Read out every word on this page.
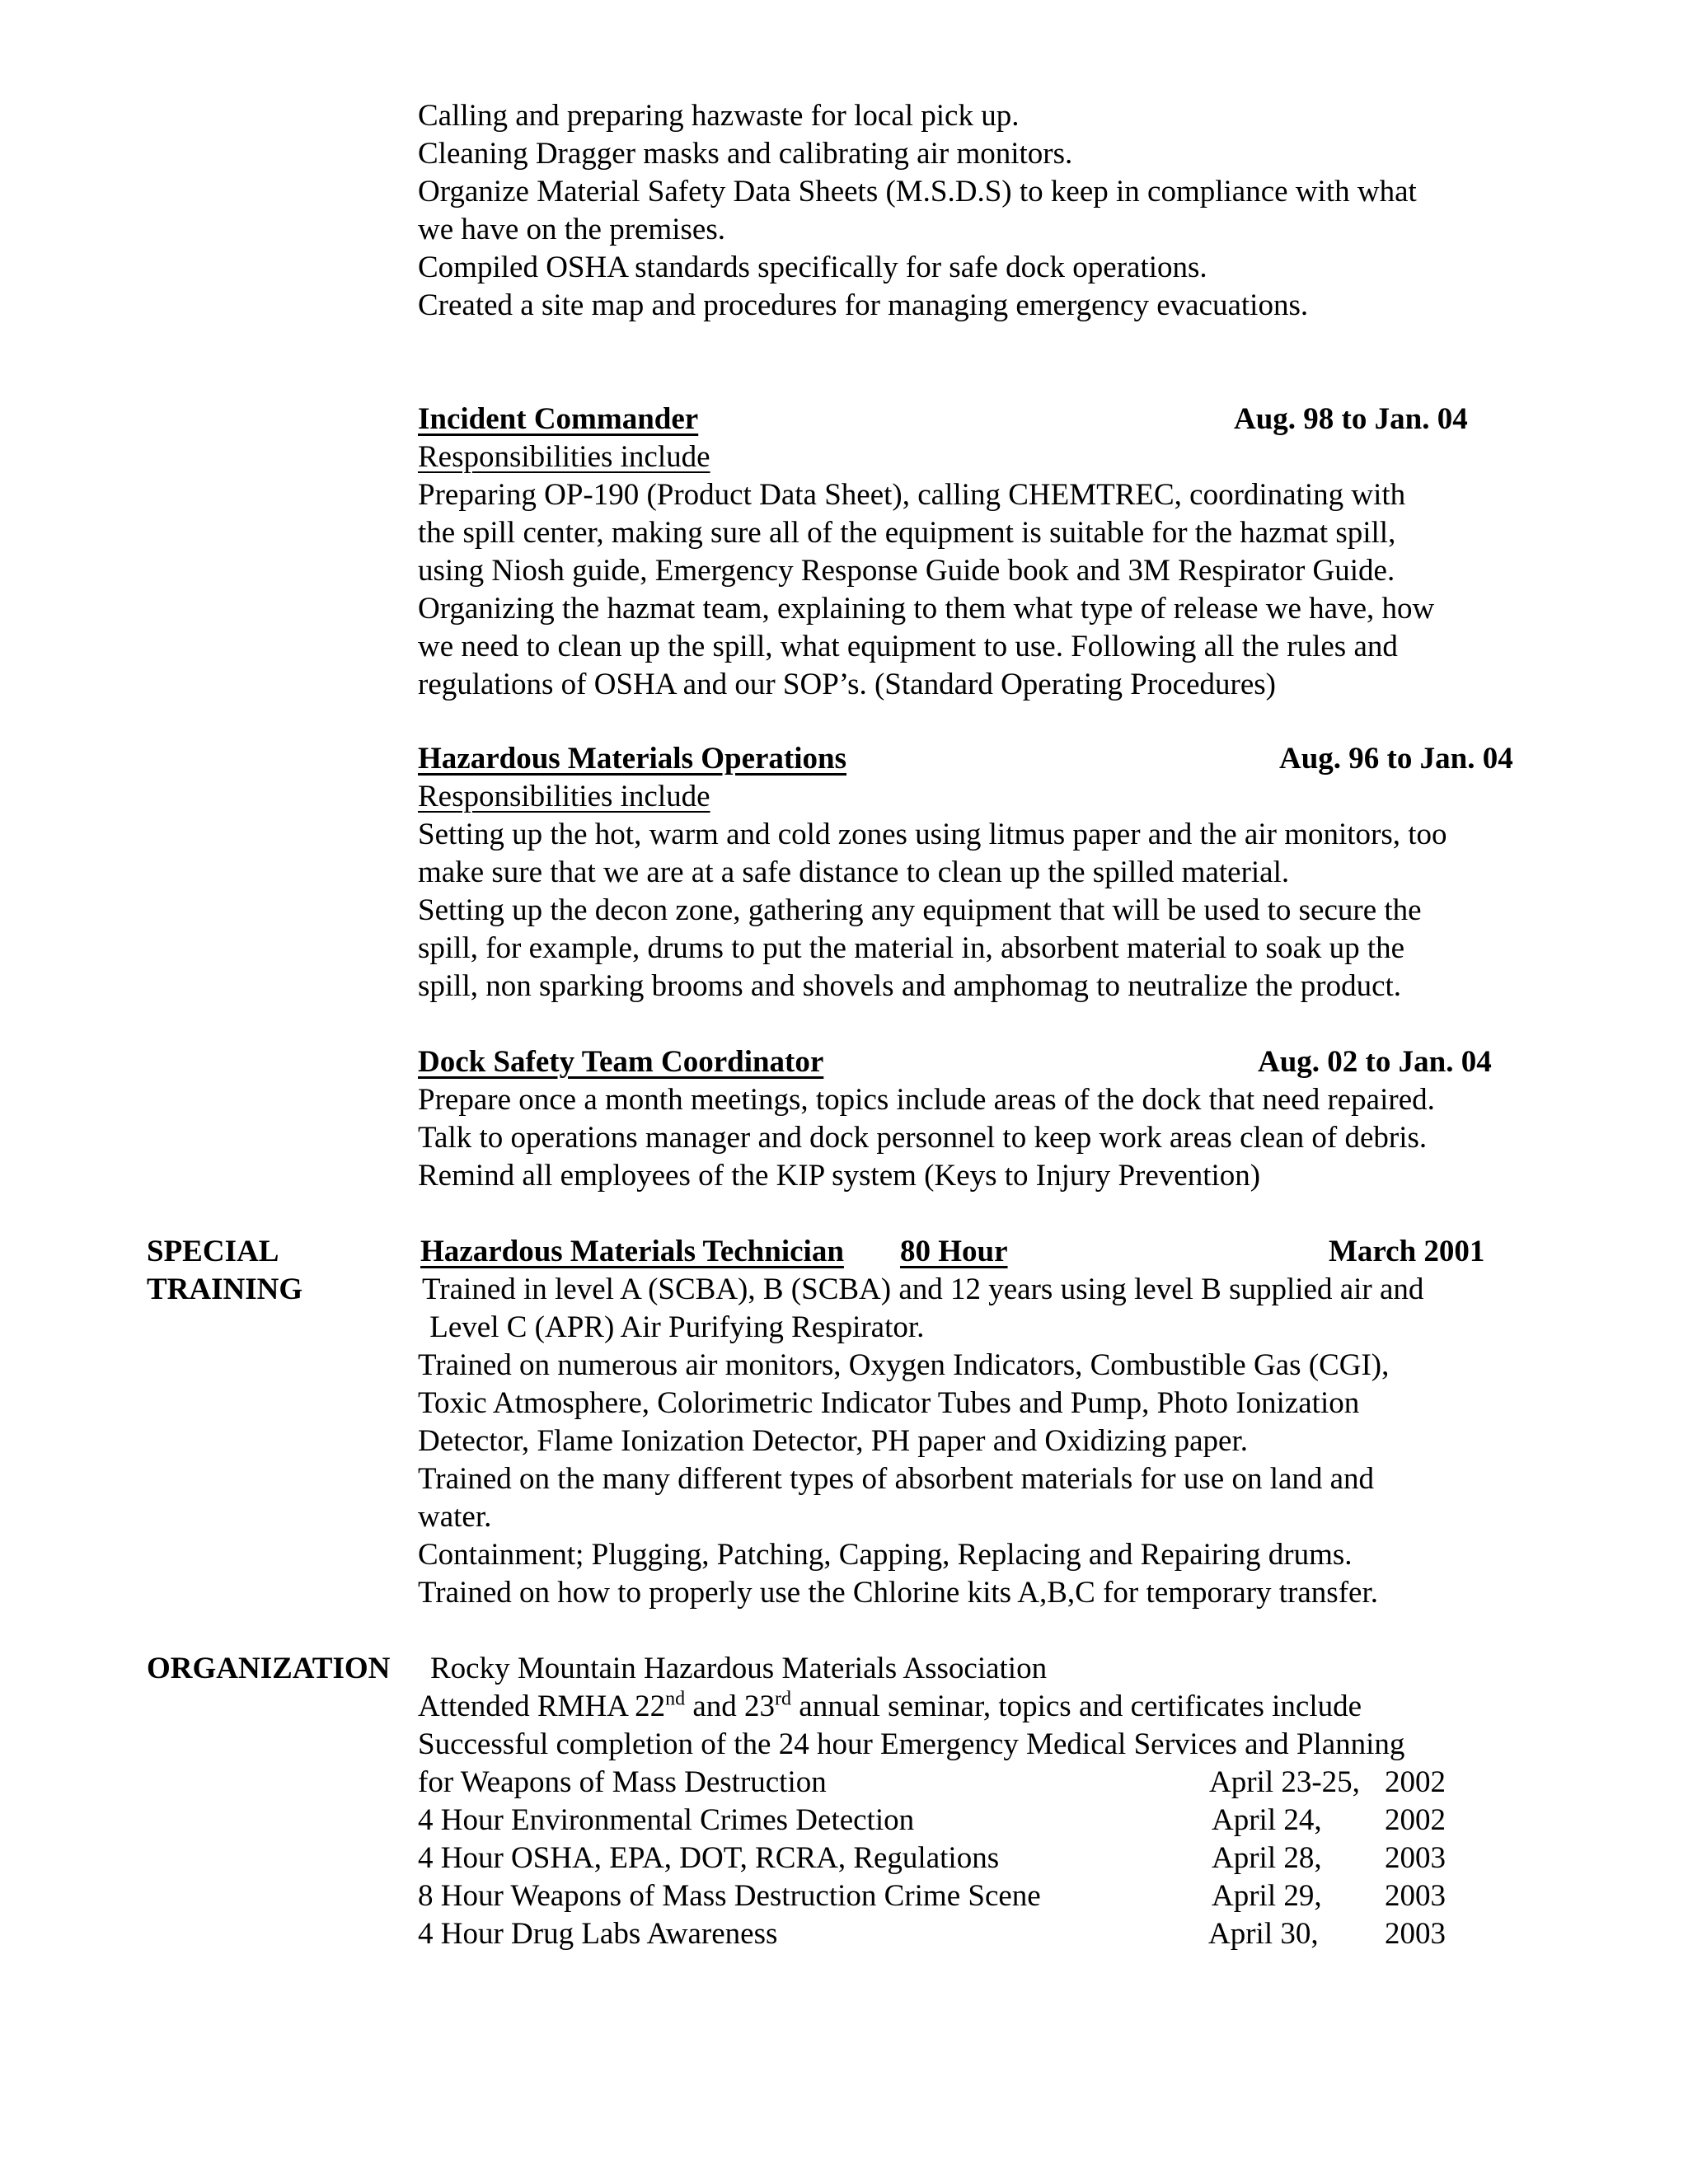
Calling and preparing hazwaste for local pick up.
Cleaning Dragger masks and calibrating air monitors.
Organize Material Safety Data Sheets (M.S.D.S) to keep in compliance with what
we have on the premises.
Compiled OSHA standards specifically for safe dock operations.
Created a site map and procedures for managing emergency evacuations.
Incident Commander	Aug. 98 to Jan. 04
Responsibilities include
Preparing OP-190 (Product Data Sheet), calling CHEMTREC, coordinating with
the spill center, making sure all of the equipment is suitable for the hazmat spill,
using Niosh guide, Emergency Response Guide book and 3M Respirator Guide.
Organizing the hazmat team, explaining to them what type of release we have, how
we need to clean up the spill, what equipment to use. Following all the rules and
regulations of OSHA and our SOP’s. (Standard Operating Procedures)
Hazardous Materials Operations	Aug. 96 to Jan. 04
Responsibilities include
Setting up the hot, warm and cold zones using litmus paper and the air monitors, too
make sure that we are at a safe distance to clean up the spilled material.
Setting up the decon zone, gathering any equipment that will be used to secure the
spill, for example, drums to put the material in, absorbent material to soak up the
spill, non sparking brooms and shovels and amphomag to neutralize the product.
Dock Safety Team Coordinator	Aug. 02 to Jan. 04
Prepare once a month meetings, topics include areas of the dock that need repaired.
Talk to operations manager and dock personnel to keep work areas clean of debris.
Remind all employees of the KIP system (Keys to Injury Prevention)
SPECIAL
TRAINING
Hazardous Materials Technician 80 Hour	March 2001
Trained in level A (SCBA), B (SCBA) and 12 years using level B supplied air and
Level C (APR) Air Purifying Respirator.
Trained on numerous air monitors, Oxygen Indicators, Combustible Gas (CGI),
Toxic Atmosphere, Colorimetric Indicator Tubes and Pump, Photo Ionization
Detector, Flame Ionization Detector, PH paper and Oxidizing paper.
Trained on the many different types of absorbent materials for use on land and
water.
Containment; Plugging, Patching, Capping, Replacing and Repairing drums.
Trained on how to properly use the Chlorine kits A,B,C for temporary transfer.
ORGANIZATION Rocky Mountain Hazardous Materials Association
Attended RMHA 22nd and 23rd annual seminar, topics and certificates include
Successful completion of the 24 hour Emergency Medical Services and Planning
for Weapons of Mass Destruction	April 23-25, 2002
4 Hour Environmental Crimes Detection	April 24, 2002
4 Hour OSHA, EPA, DOT, RCRA, Regulations	April 28, 2003
8 Hour Weapons of Mass Destruction Crime Scene	April 29, 2003
4 Hour Drug Labs Awareness	April 30, 2003
